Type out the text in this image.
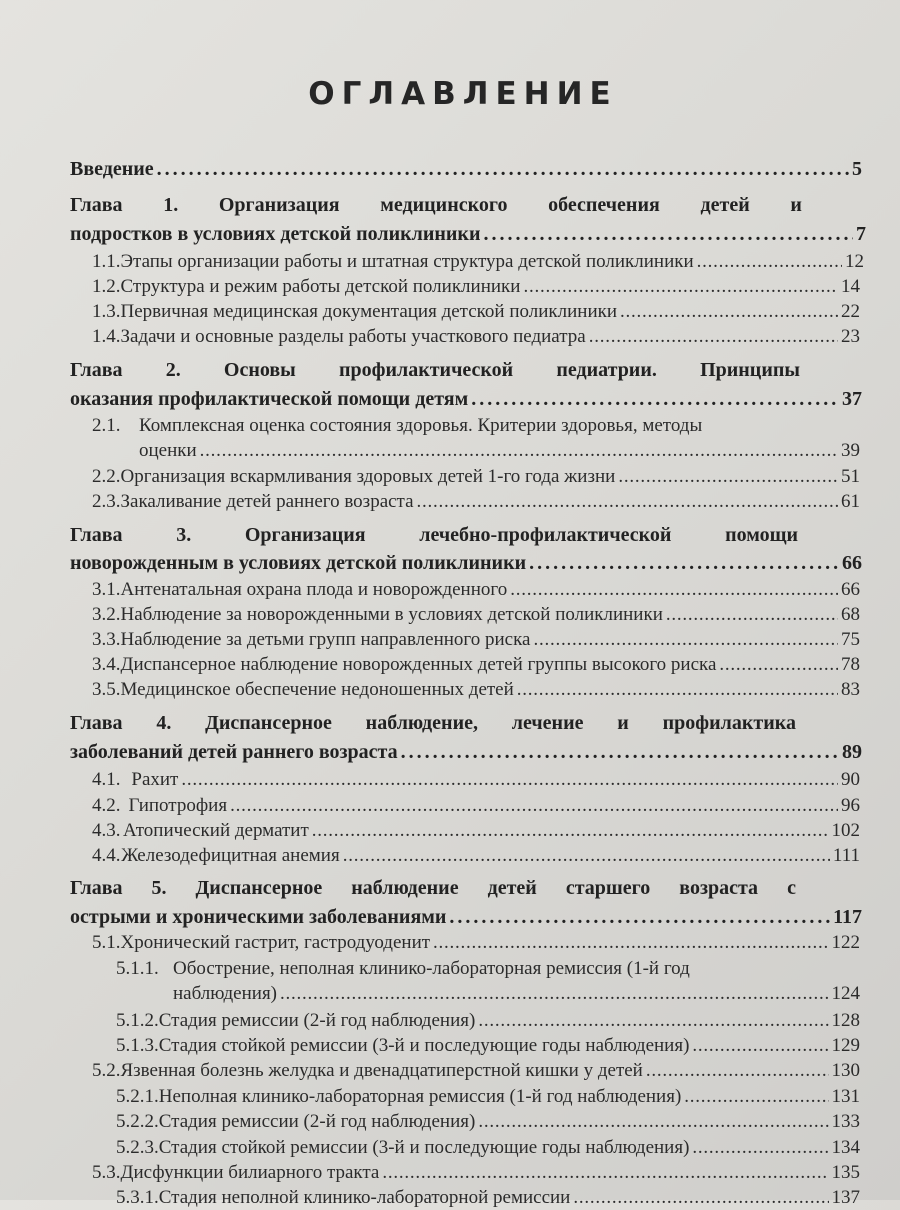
ОГЛАВЛЕНИЕ
Введение . . .	5
Глава 1. Организация медицинского обеспечения детей и
подростков в условиях детской поликлиники . . .	7
1.1. Этапы организации работы и штатная структура детской поликлиники . . .	12
1.2. Структура и режим работы детской поликлиники . . .	14
1.3. Первичная медицинская документация детской поликлиники . . .	22
1.4. Задачи и основные разделы работы участкового педиатра . . .	23
Глава 2. Основы профилактической педиатрии. Принципы
оказания профилактической помощи детям . . .	37
2.1. Комплексная оценка состояния здоровья. Критерии здоровья, методы
оценки . . .	39
2.2. Организация вскармливания здоровых детей 1-го года жизни . . .	51
2.3. Закаливание детей раннего возраста . . .	61
Глава	3.	Организация	лечебно-профилактической	помощи
новорожденным в условиях детской поликлиники . . .	66
3.1. Антенатальная охрана плода и новорожденного . . .	66
3.2. Наблюдение за новорожденными в условиях детской поликлиники . . .	68
3.3. Наблюдение за детьми групп направленного риска . . .	75
3.4. Диспансерное наблюдение новорожденных детей группы высокого риска . . .	78
3.5. Медицинское обеспечение недоношенных детей . . .	83
Глава 4. Диспансерное наблюдение, лечение и профилактика
заболеваний детей раннего возраста . . .	89
4.1. Рахит . . .	90
4.2. Гипотрофия . . .	96
4.3. Атопический дерматит . . .	102
4.4. Железодефицитная анемия . . .	111
Глава 5. Диспансерное наблюдение детей старшего возраста с
острыми и хроническими заболеваниями . . .	117
5.1. Хронический гастрит, гастродуоденит . . .	122
5.1.1. Обострение, неполная клинико-лабораторная ремиссия (1-й год
наблюдения) . . .	124
5.1.2. Стадия ремиссии (2-й год наблюдения) . . .	128
5.1.3. Стадия стойкой ремиссии (3-й и последующие годы наблюдения) . . .	129
5.2. Язвенная болезнь желудка и двенадцатиперстной кишки у детей . . .	130
5.2.1. Неполная клинико-лабораторная ремиссия (1-й год наблюдения) . . .	131
5.2.2. Стадия ремиссии (2-й год наблюдения) . . .	133
5.2.3. Стадия стойкой ремиссии (3-й и последующие годы наблюдения) . . .	134
5.3. Дисфункции билиарного тракта . . .	135
5.3.1. Стадия неполной клинико-лабораторной ремиссии . . .	137
